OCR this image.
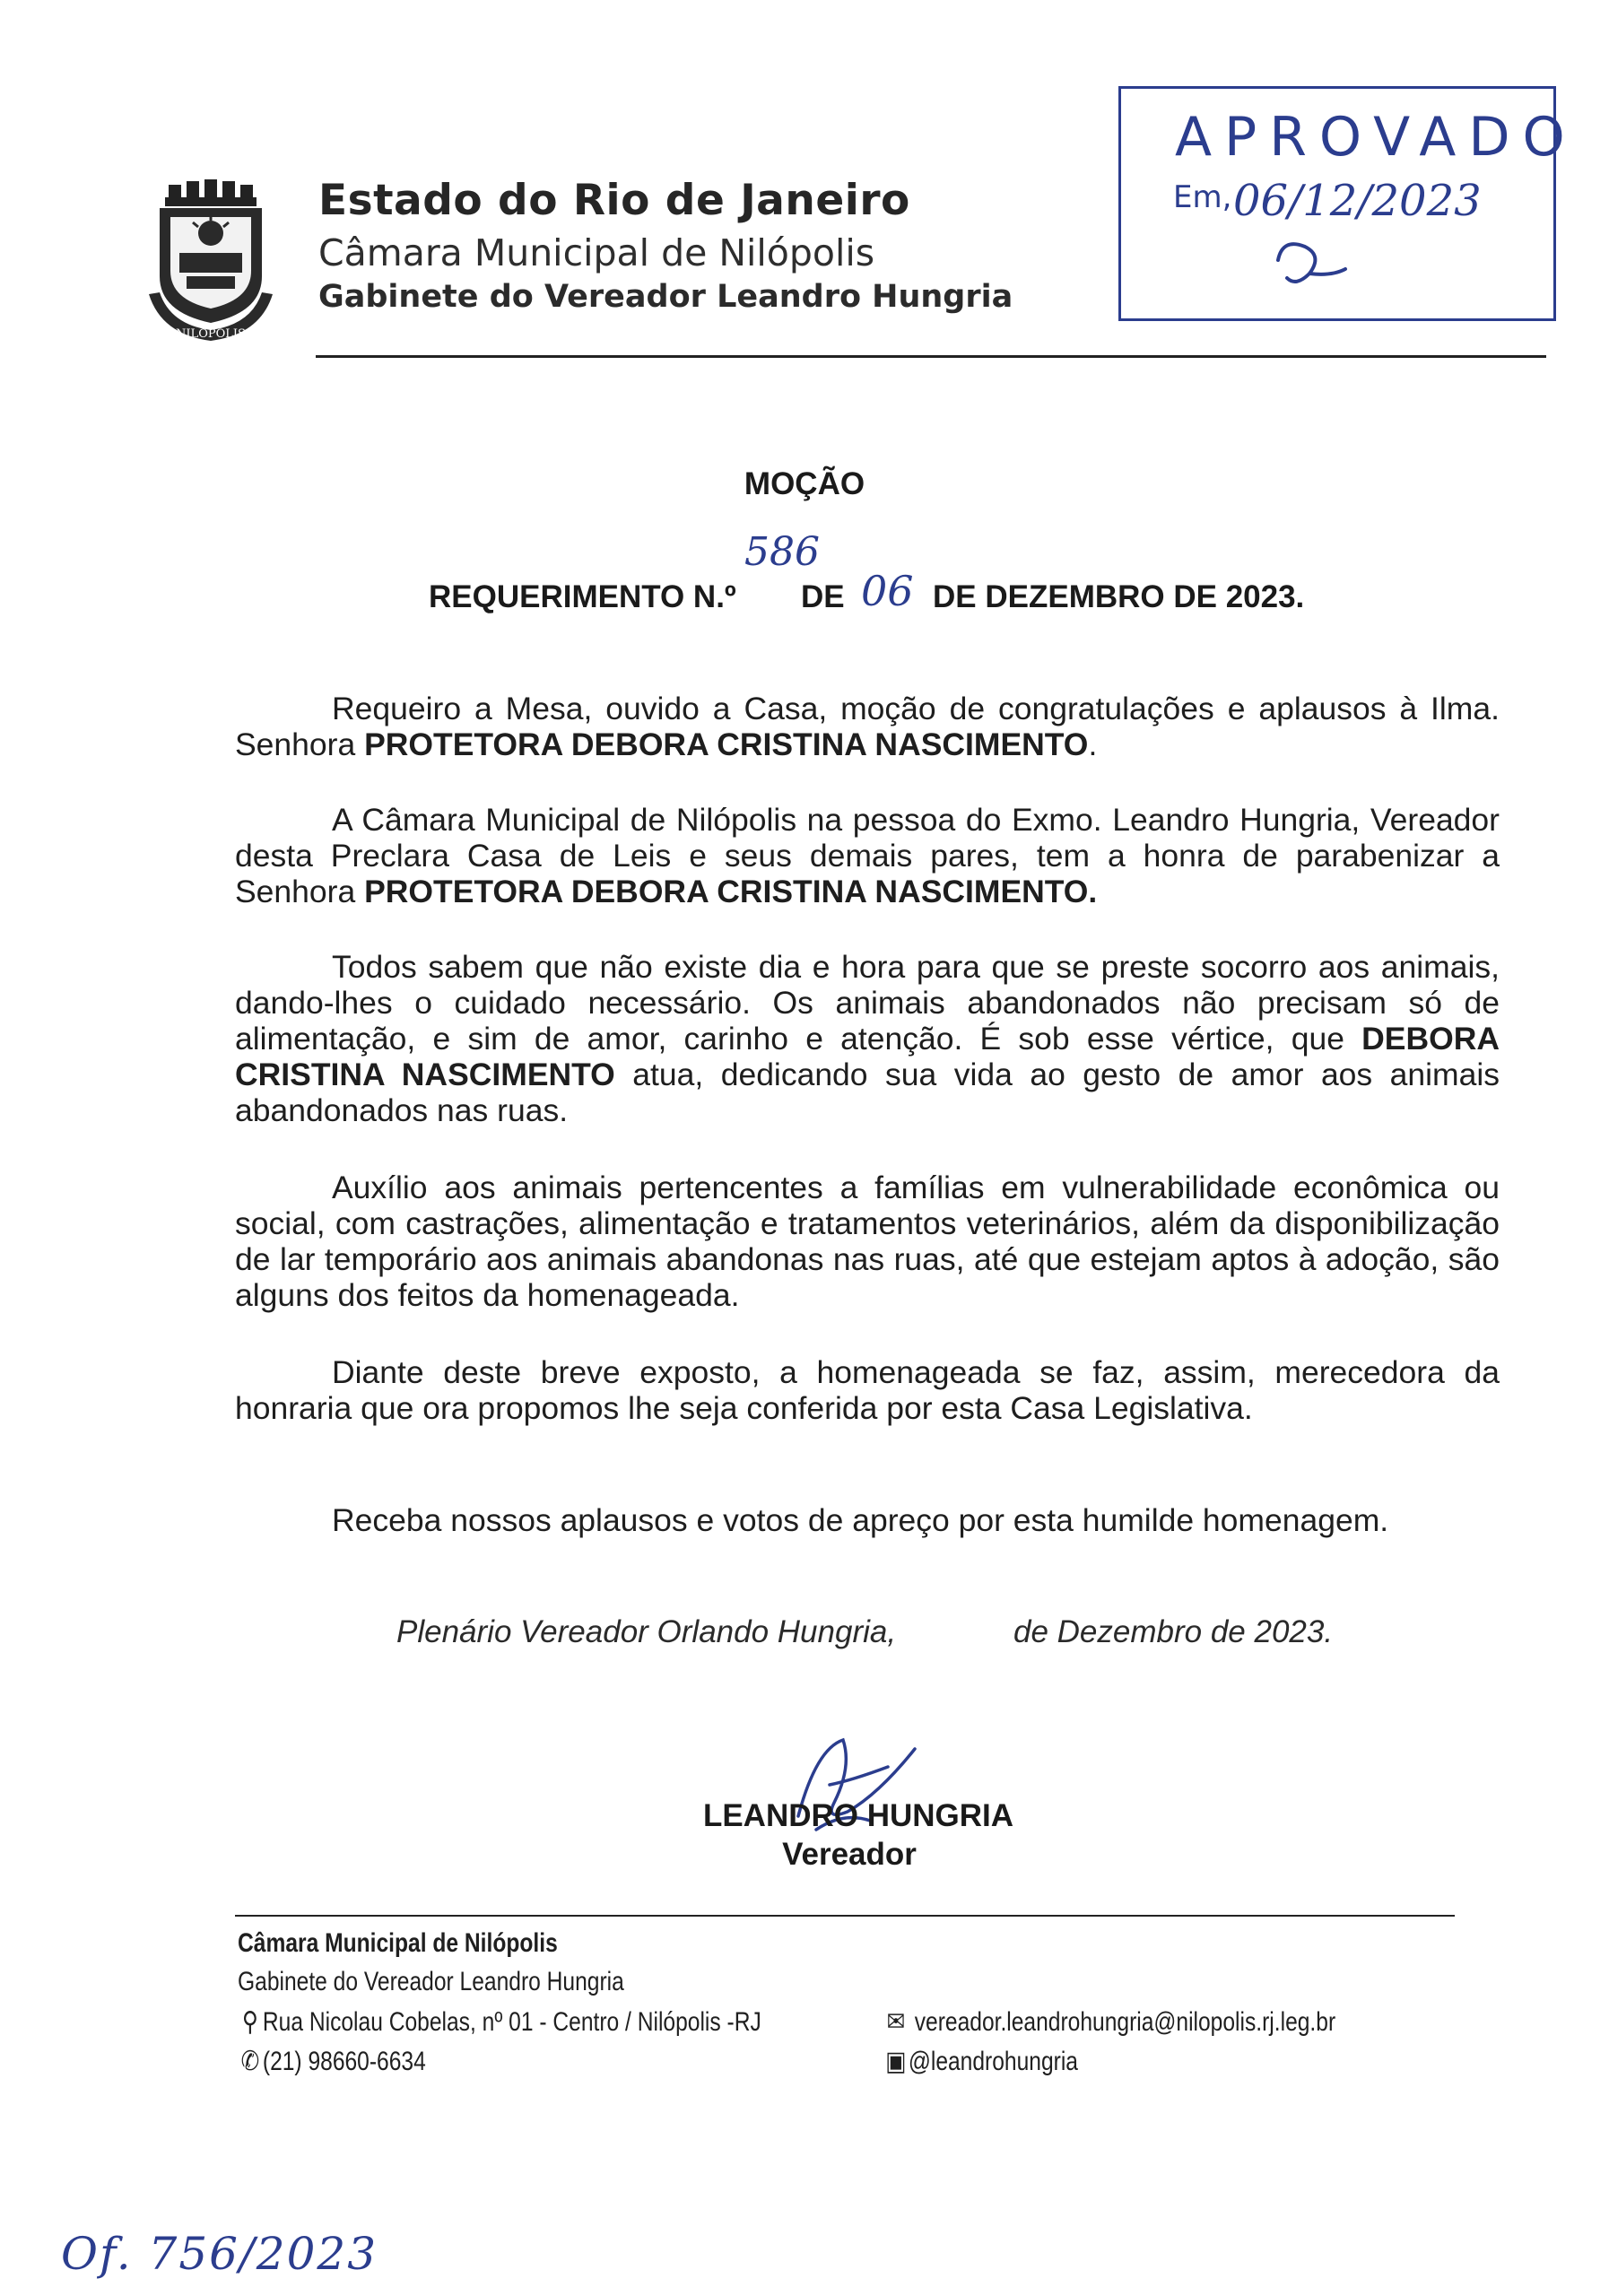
NILOPOLIS
Estado do Rio de Janeiro
Câmara Municipal de Nilópolis
Gabinete do Vereador Leandro Hungria
APROVADO
Em, 06/12/2023
MOÇÃO
REQUERIMENTO N.º
586
DE 06 DE DEZEMBRO DE 2023.

Requeiro a Mesa, ouvido a Casa, moção de congratulações e aplausos à Ilma. Senhora PROTETORA DEBORA CRISTINA NASCIMENTO.

A Câmara Municipal de Nilópolis na pessoa do Exmo. Leandro Hungria, Vereador desta Preclara Casa de Leis e seus demais pares, tem a honra de parabenizar a Senhora PROTETORA DEBORA CRISTINA NASCIMENTO.

Todos sabem que não existe dia e hora para que se preste socorro aos animais, dando-lhes o cuidado necessário. Os animais abandonados não precisam só de alimentação, e sim de amor, carinho e atenção. É sob esse vértice, que DEBORA CRISTINA NASCIMENTO atua, dedicando sua vida ao gesto de amor aos animais abandonados nas ruas.

Auxílio aos animais pertencentes a famílias em vulnerabilidade econômica ou social, com castrações, alimentação e tratamentos veterinários, além da disponibilização de lar temporário aos animais abandonas nas ruas, até que estejam aptos à adoção, são alguns dos feitos da homenageada.

Diante deste breve exposto, a homenageada se faz, assim, merecedora da honraria que ora propomos lhe seja conferida por esta Casa Legislativa.

Receba nossos aplausos e votos de apreço por esta humilde homenagem.

Plenário Vereador Orlando Hungria,	de Dezembro de 2023.
LEANDRO HUNGRIA
Vereador
Câmara Municipal de Nilópolis
Gabinete do Vereador Leandro Hungria
⚲ Rua Nicolau Cobelas, nº 01 - Centro / Nilópolis -RJ
✆ (21) 98660-6634
✉ vereador.leandrohungria@nilopolis.rj.leg.br
▣@leandrohungria
Of. 756/2023
